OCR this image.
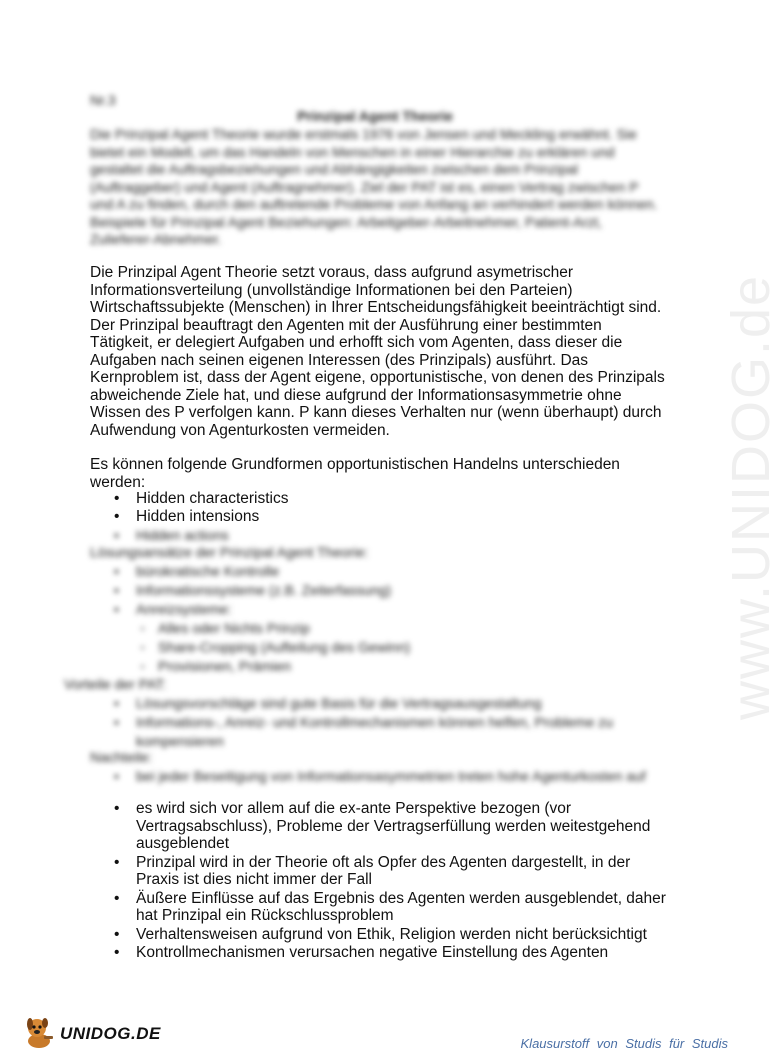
www.UNIDOG.de
Nr.3
Prinzipal Agent Theorie
Die Prinzipal Agent Theorie wurde erstmals 1976 von Jensen und Meckling erwähnt. Sie bietet ein Modell, um das Handeln von Menschen in einer Hierarchie zu erklären und gestaltet die Auftragsbeziehungen und Abhängigkeiten zwischen dem Prinzipal (Auftraggeber) und Agent (Auftragnehmer). Ziel der PAT ist es, einen Vertrag zwischen P und A zu finden, durch den auftretende Probleme von Anfang an verhindert werden können. Beispiele für Prinzipal Agent Beziehungen: Arbeitgeber-Arbeitnehmer, Patient-Arzt, Zulieferer-Abnehmer.

Die Prinzipal Agent Theorie setzt voraus, dass aufgrund asymetrischer Informationsverteilung (unvollständige Informationen bei den Parteien) Wirtschaftssubjekte (Menschen) in Ihrer Entscheidungsfähigkeit beeinträchtigt sind. Der Prinzipal beauftragt den Agenten mit der Ausführung einer bestimmten Tätigkeit, er delegiert Aufgaben und erhofft sich vom Agenten, dass dieser die Aufgaben nach seinen eigenen Interessen (des Prinzipals) ausführt. Das Kernproblem ist, dass der Agent eigene, opportunistische, von denen des Prinzipals abweichende Ziele hat, und diese aufgrund der Informationsasymmetrie ohne Wissen des P verfolgen kann. P kann dieses Verhalten nur (wenn überhaupt) durch Aufwendung von Agenturkosten vermeiden.

Es können folgende Grundformen opportunistischen Handelns unterschieden werden:

• Hidden characteristics
• Hidden intensions
• Hidden actions
Lösungsansätze der Prinzipal Agent Theorie:
• bürokratische Kontrolle
• Informationssysteme (z.B. Zeiterfassung)
• Anreizsysteme:
◦ Alles oder Nichts Prinzip
◦ Share-Cropping (Aufteilung des Gewinn)
◦ Provisionen, Prämien
Vorteile der PAT:
• Lösungsvorschläge sind gute Basis für die Vertragsausgestaltung
• Informations-, Anreiz- und Kontrollmechanismen können helfen, Probleme zu kompensieren
Nachteile:
• bei jeder Beseitigung von Informationsasymmetrien treten hohe Agenturkosten auf
• es wird sich vor allem auf die ex-ante Perspektive bezogen (vor Vertragsabschluss), Probleme der Vertragserfüllung werden weitestgehend ausgeblendet
• Prinzipal wird in der Theorie oft als Opfer des Agenten dargestellt, in der Praxis ist dies nicht immer der Fall
• Äußere Einflüsse auf das Ergebnis des Agenten werden ausgeblendet, daher hat Prinzipal ein Rückschlussproblem
• Verhaltensweisen aufgrund von Ethik, Religion werden nicht berücksichtigt
• Kontrollmechanismen verursachen negative Einstellung des Agenten
UNIDOG.DE
Klausurstoff von Studis für Studis
